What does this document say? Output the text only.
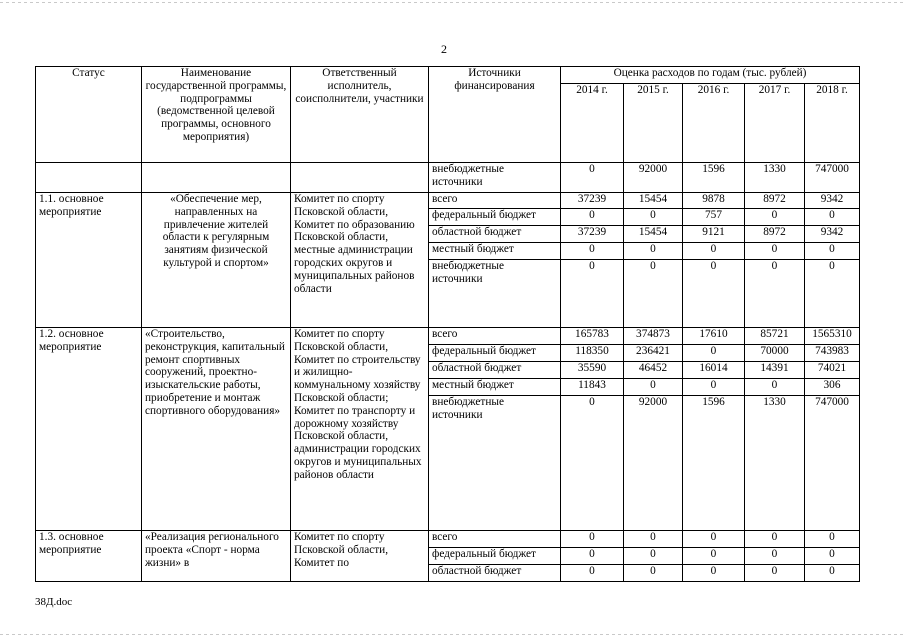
2
Статус	Наименование государственной программы, подпрограммы (ведомственной целевой программы, основного мероприятия)	Ответственный исполнитель, соисполнители, участники	Источники финансирования	Оценка расходов по годам (тыс. рублей)				
				2014 г.	2015 г.	2016 г.	2017 г.	2018 г.
			внебюджетные источники	0	92000	1596	1330	747000
1.1. основное мероприятие	«Обеспечение мер, направленных на привлечение жителей области к регулярным занятиям физической культурой и спортом»	Комитет по спорту Псковской области, Комитет по образованию Псковской области, местные администрации городских округов и муниципальных районов области	всего	37239	15454	9878	8972	9342
			федеральный бюджет	0	0	757	0	0
			областной бюджет	37239	15454	9121	8972	9342
			местный бюджет	0	0	0	0	0
			внебюджетные источники	0	0	0	0	0
1.2. основное мероприятие	«Строительство, реконструкция, капитальный ремонт спортивных сооружений, проектно-изыскательские работы, приобретение и монтаж спортивного оборудования»	Комитет по спорту Псковской области, Комитет по строительству и жилищно-коммунальному хозяйству Псковской области; Комитет по транспорту и дорожному хозяйству Псковской области, администрации городских округов и муниципальных районов области	всего	165783	374873	17610	85721	1565310
			федеральный бюджет	118350	236421	0	70000	743983
			областной бюджет	35590	46452	16014	14391	74021
			местный бюджет	11843	0	0	0	306
			внебюджетные источники	0	92000	1596	1330	747000
1.3. основное мероприятие	«Реализация регионального проекта «Спорт - норма жизни» в	Комитет по спорту Псковской области, Комитет по	всего	0	0	0	0	0
			федеральный бюджет	0	0	0	0	0
			областной бюджет	0	0	0	0	0
38Д.doc
